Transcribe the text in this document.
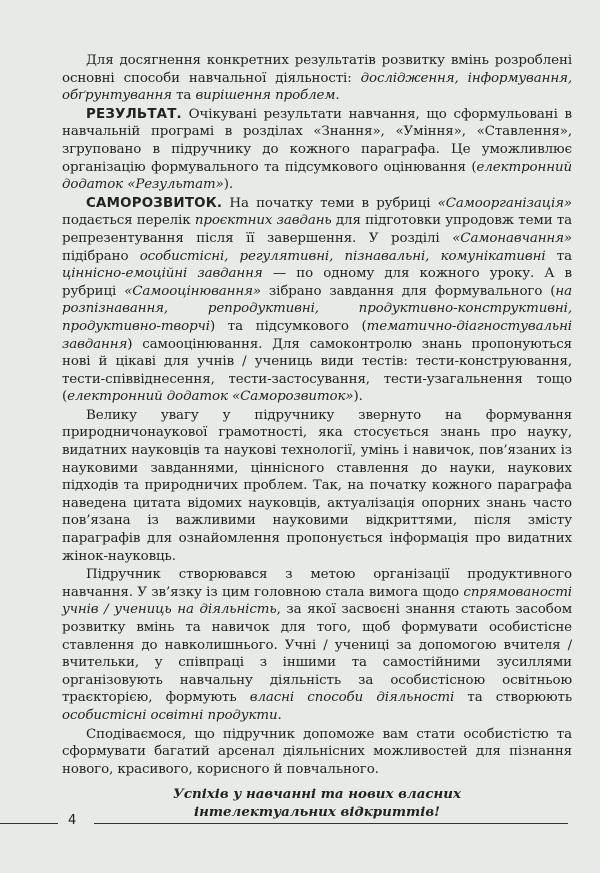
Для досягнення конкретних результатів розвитку вмінь розроблені основні способи навчальної діяльності: дослідження, інформування, обґрунтування та вирішення проблем.

РЕЗУЛЬТАТ. Очікувані результати навчання, що сформульовані в навчальній програмі в розділах «Знання», «Уміння», «Ставлення», згруповано в підручнику до кожного параграфа. Це уможливлює організацію формувального та підсумкового оцінювання (електронний додаток «Результат»).

САМОРОЗВИТОК. На початку теми в рубриці «Самоорганізація» подається перелік проєктних завдань для підготовки упродовж теми та репрезентування після її завершення. У розділі «Самонавчання» підібрано особистісні, регулятивні, пізнавальні, комунікативні та ціннісно-емоційні завдання — по одному для кожного уроку. А в рубриці «Самооцінювання» зібрано завдання для формувального (на розпізнавання, репродуктивні, продуктивно-конструктивні, продуктивно-творчі) та підсумкового (тематично-діагностувальні завдання) самооцінювання. Для самоконтролю знань пропонуються нові й цікаві для учнів / учениць види тестів: тести-конструювання, тести-співвіднесення, тести-застосування, тести-узагальнення тощо (електронний додаток «Саморозвиток»).

Велику увагу у підручнику звернуто на формування природничонаукової грамотності, яка стосується знань про науку, видатних науковців та наукові технології, умінь і навичок, пов’язаних із науковими завданнями, ціннісного ставлення до науки, наукових підходів та природничих проблем. Так, на початку кожного параграфа наведена цитата відомих науковців, актуалізація опорних знань часто пов’язана із важливими науковими відкриттями, після змісту параграфів для ознайомлення пропонується інформація про видатних жінок-науковць.

Підручник створювався з метою організації продуктивного навчання. У зв’язку із цим головною стала вимога щодо спрямованості учнів / учениць на діяльність, за якої засвоєні знання стають засобом розвитку вмінь та навичок для того, щоб формувати особистісне ставлення до навколишнього. Учні / учениці за допомогою вчителя / вчительки, у співпраці з іншими та самостійними зусиллями організовують навчальну діяльність за особистісною освітньою траєкторією, формують власні способи діяльності та створюють особистісні освітні продукти.

Сподіваємося, що підручник допоможе вам стати особистістю та сформувати багатий арсенал діяльнісних можливостей для пізнання нового, красивого, корисного й повчального.

Успіхів у навчанні та нових власних
інтелектуальних відкриттів!
4
